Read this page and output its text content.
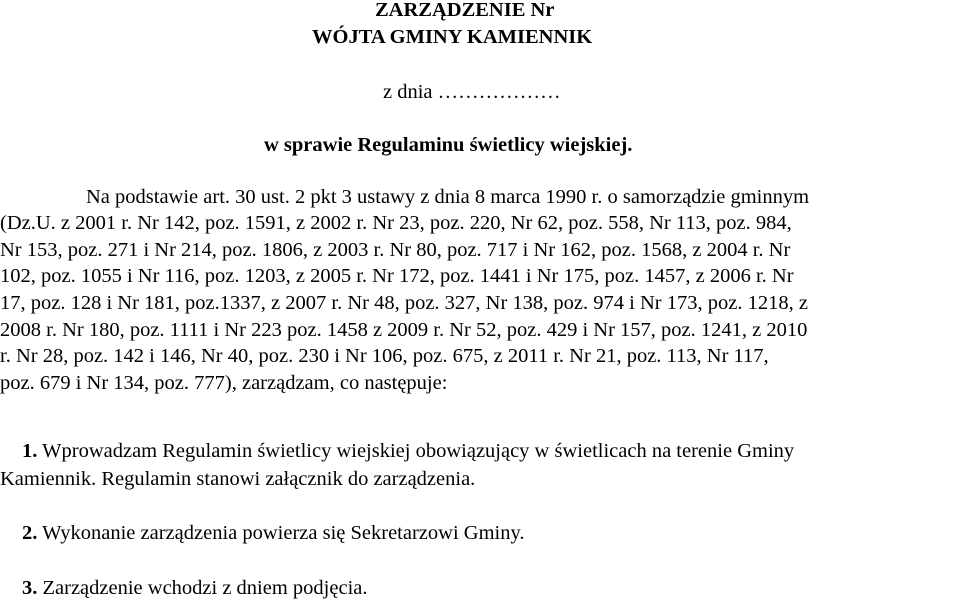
ZARZĄDZENIE Nr
WÓJTA GMINY KAMIENNIK
z dnia ………………
w sprawie Regulaminu świetlicy wiejskiej.
Na podstawie art. 30 ust. 2 pkt 3 ustawy z dnia 8 marca 1990 r. o samorządzie gminnym
(Dz.U. z 2001 r. Nr 142, poz. 1591, z 2002 r. Nr 23, poz. 220, Nr 62, poz. 558, Nr 113, poz. 984,
Nr 153, poz. 271 i Nr 214, poz. 1806, z 2003 r. Nr 80, poz. 717 i Nr 162, poz. 1568, z 2004 r. Nr
102, poz. 1055 i Nr 116, poz. 1203, z 2005 r. Nr 172, poz. 1441 i Nr 175, poz. 1457, z 2006 r. Nr
17, poz. 128 i Nr 181, poz.1337, z 2007 r. Nr 48, poz. 327, Nr 138, poz. 974 i Nr 173, poz. 1218, z
2008 r. Nr 180, poz. 1111 i Nr 223 poz. 1458 z 2009 r. Nr 52, poz. 429 i Nr 157, poz. 1241, z 2010
r. Nr 28, poz. 142 i 146, Nr 40, poz. 230 i Nr 106, poz. 675, z 2011 r. Nr 21, poz. 113, Nr 117,
poz. 679 i Nr 134, poz. 777), zarządzam, co następuje:
1. Wprowadzam Regulamin świetlicy wiejskiej obowiązujący w świetlicach na terenie Gminy
Kamiennik. Regulamin stanowi załącznik do zarządzenia.
2. Wykonanie zarządzenia powierza się Sekretarzowi Gminy.
3. Zarządzenie wchodzi z dniem podjęcia.
